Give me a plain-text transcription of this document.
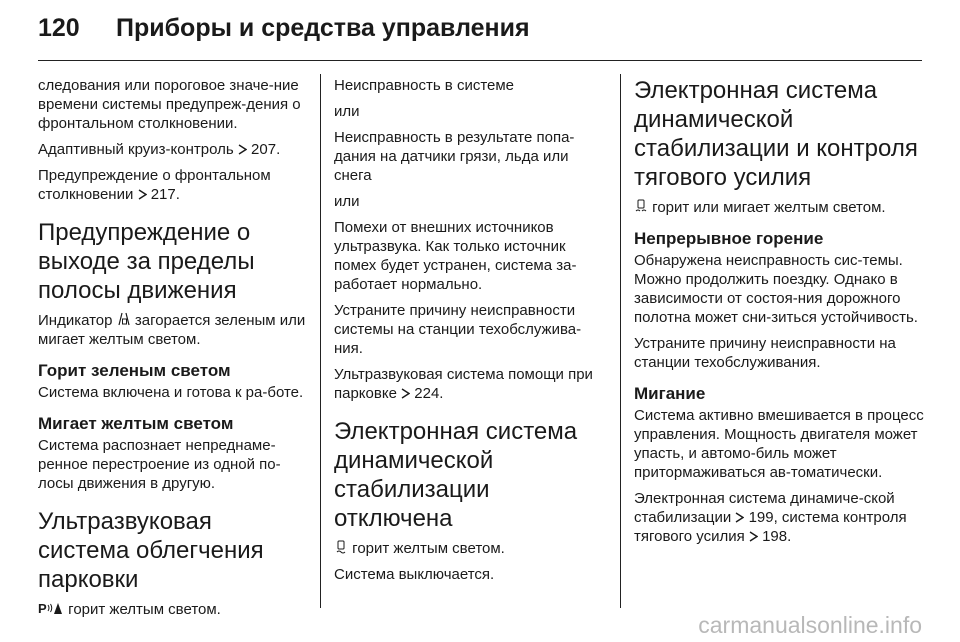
120	Приборы и средства управления

следования или пороговое значе-ние времени системы предупреж-дения о фронтальном столкновении.

Адаптивный круиз-контроль 207.

Предупреждение о фронтальном столкновении 217.

Предупреждение о выходе за пределы полосы движения

Индикатор загорается зеленым или мигает желтым светом.

Горит зеленым светом

Система включена и готова к ра-боте.

Мигает желтым светом

Система распознает непреднаме-ренное перестроение из одной по-лосы движения в другую.

Ультразвуковая система облегчения парковки

P горит желтым светом.

Неисправность в системе

или

Неисправность в результате попа-дания на датчики грязи, льда или снега

или

Помехи от внешних источников ультразвука. Как только источник помех будет устранен, система за-работает нормально.

Устраните причину неисправности системы на станции техобслужива-ния.

Ультразвуковая система помощи при парковке 224.

Электронная система динамической стабилизации отключена

горит желтым светом.

Система выключается.

Электронная система динамической стабилизации и контроля тягового усилия

горит или мигает желтым светом.

Непрерывное горение

Обнаружена неисправность сис-темы. Можно продолжить поездку. Однако в зависимости от состоя-ния дорожного полотна может сни-зиться устойчивость.

Устраните причину неисправности на станции техобслуживания.

Мигание

Система активно вмешивается в процесс управления. Мощность двигателя может упасть, и автомо-биль может притормаживаться ав-томатически.

Электронная система динамиче-ской стабилизации 199, система контроля тягового усилия 198.

carmanualsonline.info
